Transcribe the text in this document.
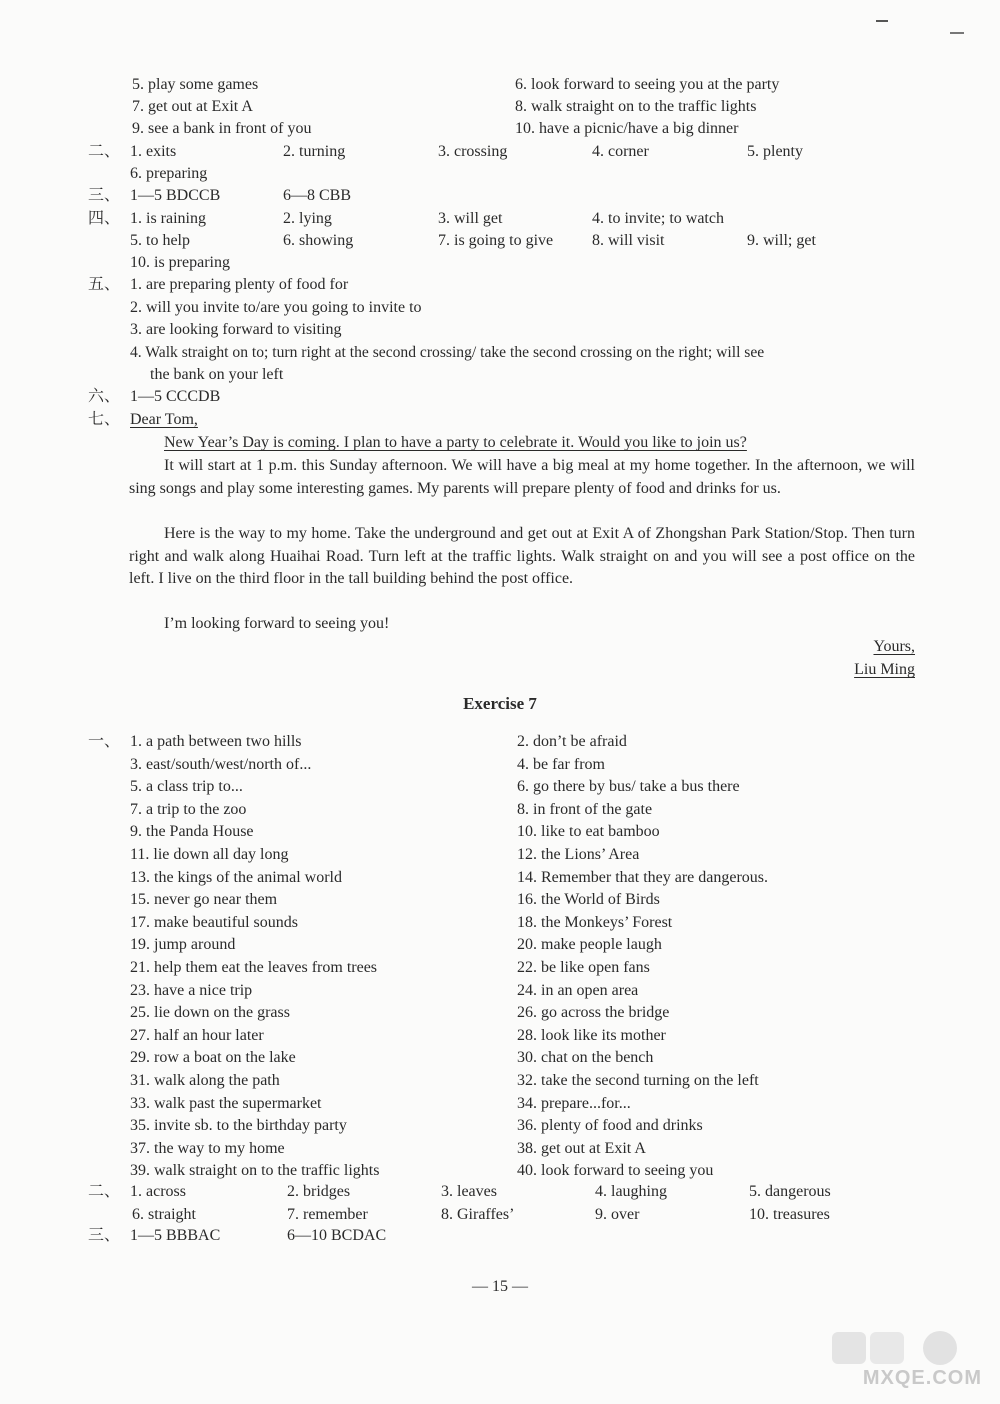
5. play some games	6. look forward to seeing you at the party
7. get out at Exit A	8. walk straight on to the traffic lights
9. see a bank in front of you	10. have a picnic/have a big dinner
二、 1. exits	2. turning	3. crossing	4. corner	5. plenty
6. preparing
三、 1—5 BDCCB	6—8 CBB
四、 1. is raining	2. lying	3. will get	4. to invite; to watch
5. to help	6. showing	7. is going to give 8. will visit	9. will; get
10. is preparing
五、 1. are preparing plenty of food for
2. will you invite to/are you going to invite to
3. are looking forward to visiting
4. Walk straight on to; turn right at the second crossing/ take the second crossing on the right; will see
the bank on your left
六、 1—5 CCCDB
七、 Dear Tom,
New Year’s Day is coming. I plan to have a party to celebrate it. Would you like to join us?
It will start at 1 p.m. this Sunday afternoon. We will have a big meal at my home together. In the afternoon, we will sing songs and play some interesting games. My parents will prepare plenty of food and drinks for us.
Here is the way to my home. Take the underground and get out at Exit A of Zhongshan Park Station/Stop. Then turn right and walk along Huaihai Road. Turn left at the traffic lights. Walk straight on and you will see a post office on the left. I live on the third floor in the tall building behind the post office.
I’m looking forward to seeing you!
Yours,
Liu Ming
Exercise 7
一、 1. a path between two hills	2. don’t be afraid
3. east/south/west/north of...	4. be far from
5. a class trip to...	6. go there by bus/ take a bus there
7. a trip to the zoo	8. in front of the gate
9. the Panda House	10. like to eat bamboo
11. lie down all day long	12. the Lions’ Area
13. the kings of the animal world	14. Remember that they are dangerous.
15. never go near them	16. the World of Birds
17. make beautiful sounds	18. the Monkeys’ Forest
19. jump around	20. make people laugh
21. help them eat the leaves from trees	22. be like open fans
23. have a nice trip	24. in an open area
25. lie down on the grass	26. go across the bridge
27. half an hour later	28. look like its mother
29. row a boat on the lake	30. chat on the bench
31. walk along the path	32. take the second turning on the left
33. walk past the supermarket	34. prepare...for...
35. invite sb. to the birthday party	36. plenty of food and drinks
37. the way to my home	38. get out at Exit A
39. walk straight on to the traffic lights	40. look forward to seeing you
二、 1. across	2. bridges	3. leaves	4. laughing	5. dangerous
6. straight	7. remember	8. Giraffes’	9. over	10. treasures
三、 1—5 BBBAC	6—10 BCDAC
— 15 —
MXQE.COM
